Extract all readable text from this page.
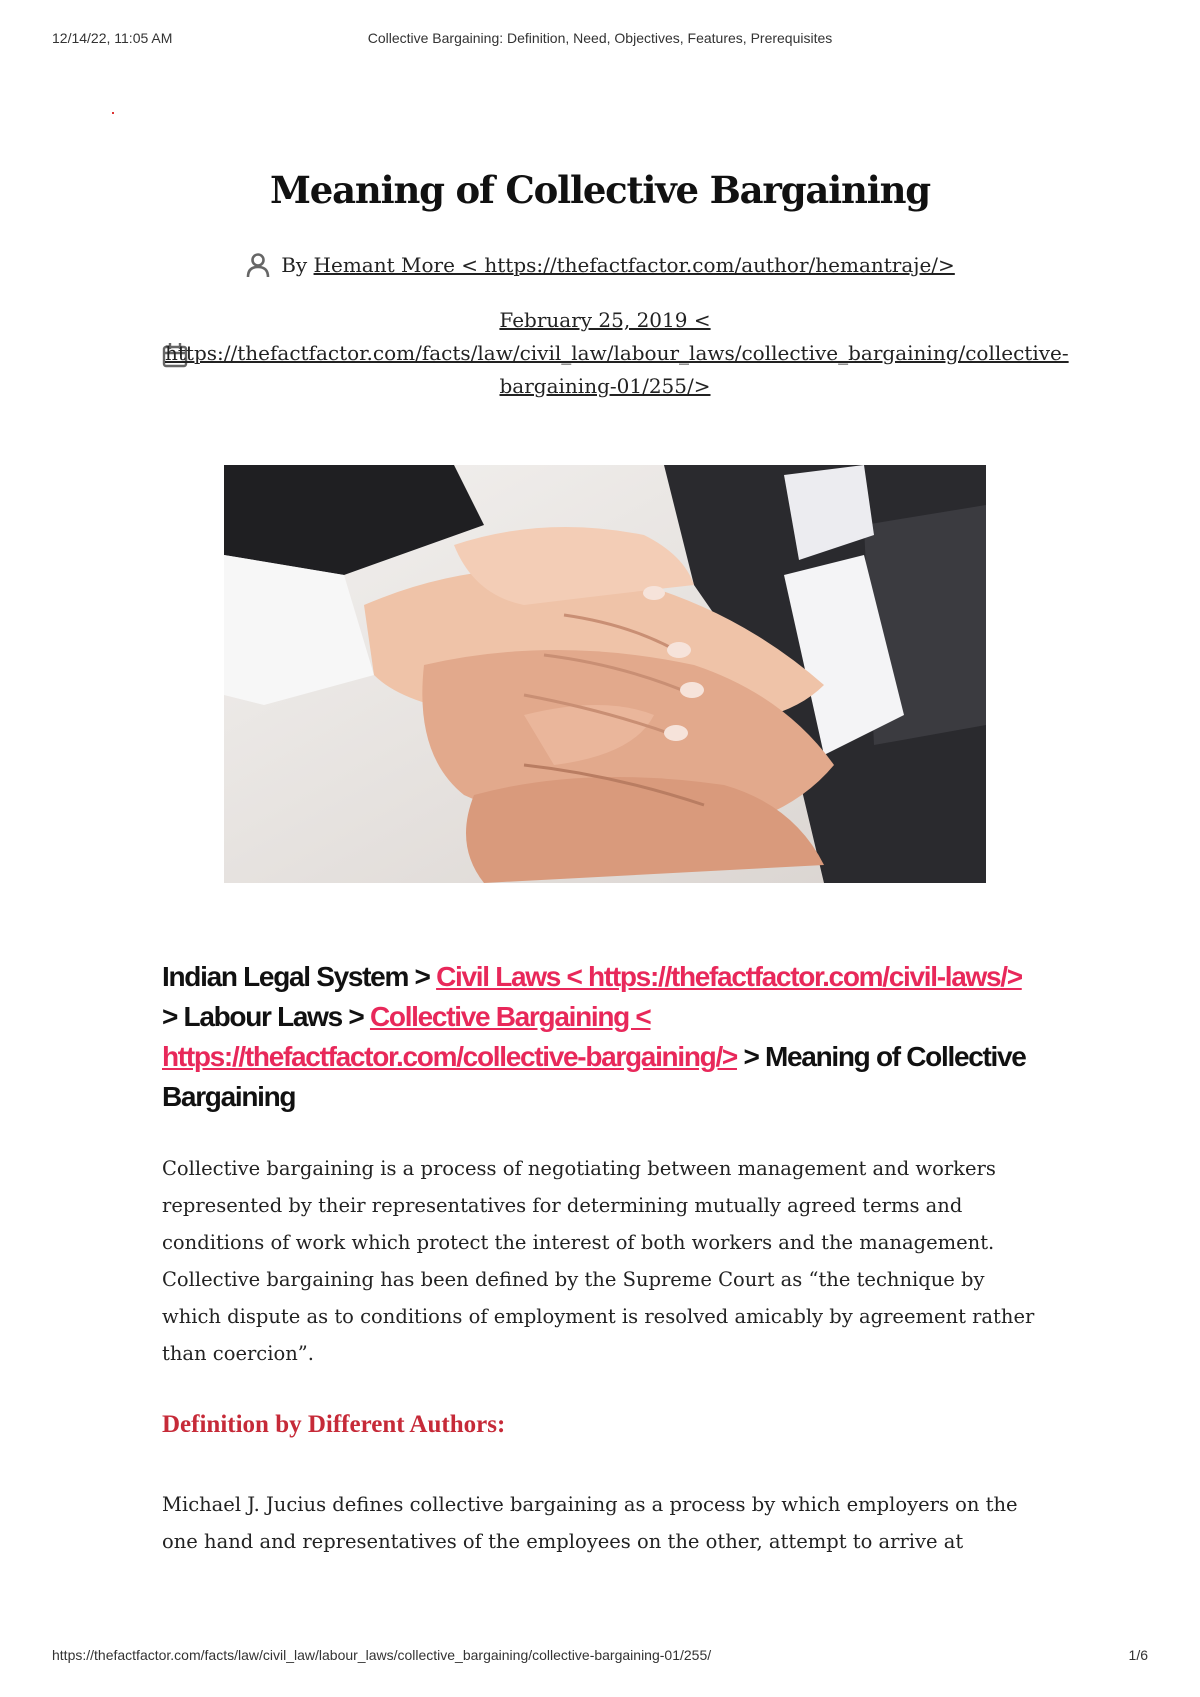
12/14/22, 11:05 AM	Collective Bargaining: Definition, Need, Objectives, Features, Prerequisites
Meaning of Collective Bargaining
By Hemant More < https://thefactfactor.com/author/hemantraje/>
February 25, 2019 < https://thefactfactor.com/facts/law/civil_law/labour_laws/collective_bargaining/collective-bargaining-01/255/>
Indian Legal System > Civil Laws < https://thefactfactor.com/civil-laws/> > Labour Laws > Collective Bargaining < https://thefactfactor.com/collective-bargaining/> > Meaning of Collective Bargaining

Collective bargaining is a process of negotiating between management and workers represented by their representatives for determining mutually agreed terms and conditions of work which protect the interest of both workers and the management. Collective bargaining has been defined by the Supreme Court as “the technique by which dispute as to conditions of employment is resolved amicably by agreement rather than coercion”.

Definition by Different Authors:

Michael J. Jucius defines collective bargaining as a process by which employers on the one hand and representatives of the employees on the other, attempt to arrive at

https://thefactfactor.com/facts/law/civil_law/labour_laws/collective_bargaining/collective-bargaining-01/255/	1/6
